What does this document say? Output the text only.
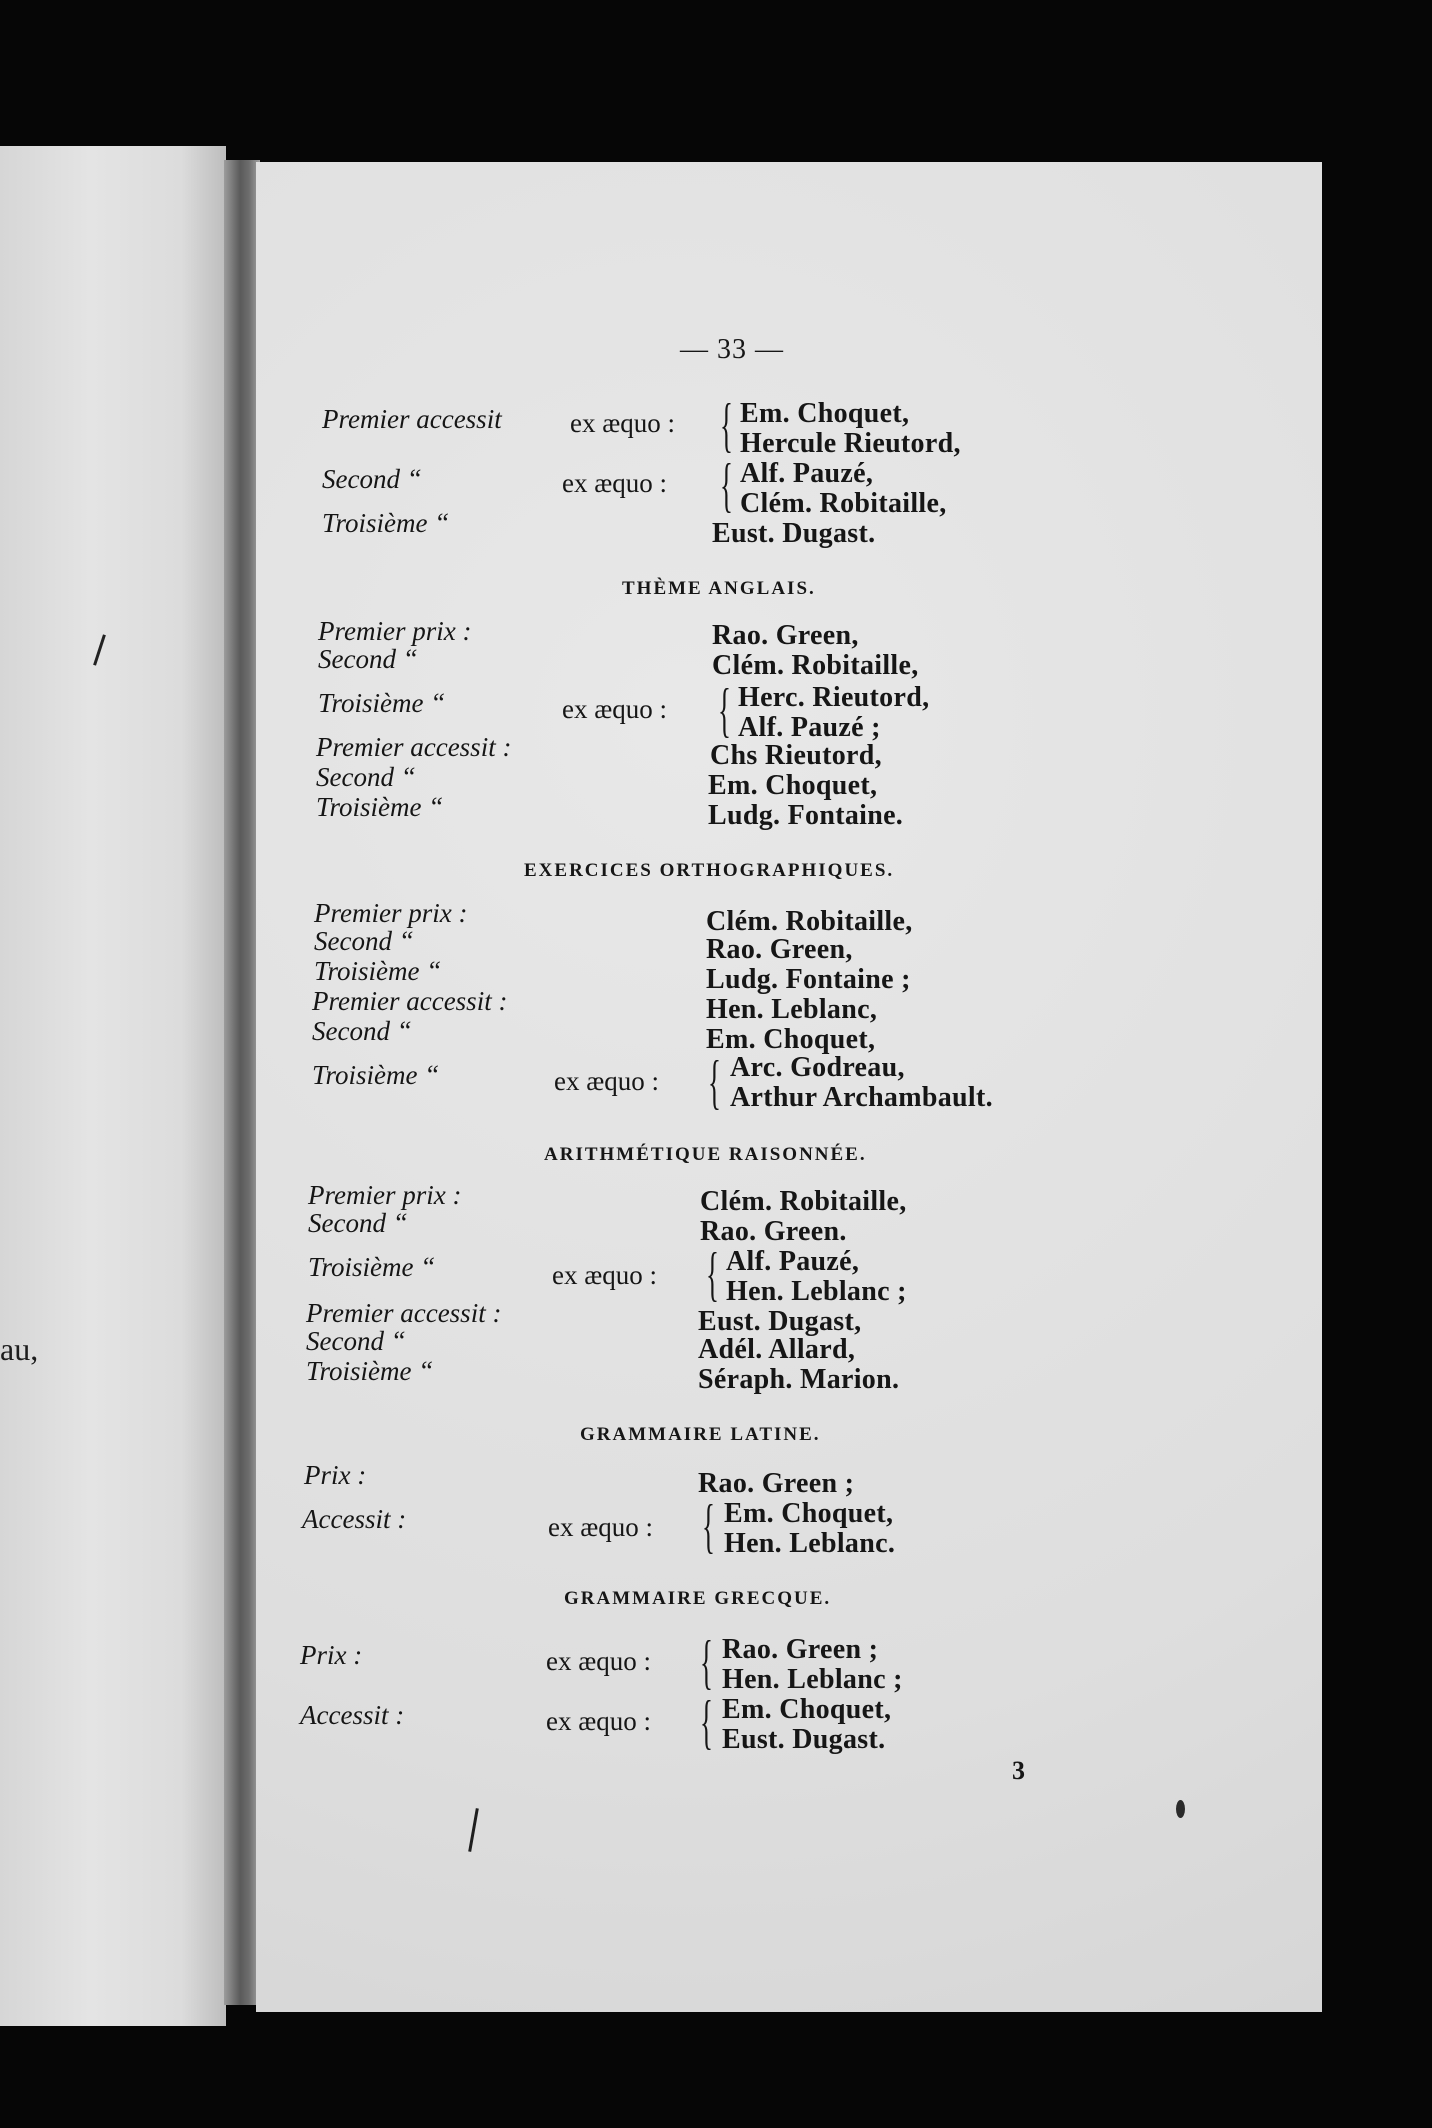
au,
— 33 —
Premier accessit
Second “
Troisième “
ex æquo :
ex æquo :
{
{
Em. Choquet,
Hercule Rieutord,
Alf. Pauzé,
Clém. Robitaille,
Eust. Dugast.
THÈME ANGLAIS.
Premier prix :
Second “
Troisième “
Premier accessit :
Second “
Troisième “
ex æquo : {
Rao. Green,
Clém. Robitaille,
Herc. Rieutord,
Alf. Pauzé ;
Chs Rieutord,
Em. Choquet,
Ludg. Fontaine.
EXERCICES ORTHOGRAPHIQUES.
Premier prix :
Second “
Troisième “
Premier accessit :
Second “
Troisième “	ex æquo : {
Clém. Robitaille,
Rao. Green,
Ludg. Fontaine ;
Hen. Leblanc,
Em. Choquet,
Arc. Godreau,
Arthur Archambault.
ARITHMÉTIQUE RAISONNÉE.
Premier prix :
Second “
Troisième “
Premier accessit :
Second “
Troisième “
ex æquo : {
Clém. Robitaille,
Rao. Green.
Alf. Pauzé,
Hen. Leblanc ;
Eust. Dugast,
Adél. Allard,
Séraph. Marion.
GRAMMAIRE LATINE.
Prix :
Accessit :	ex æquo : {
Rao. Green ;
Em. Choquet,
Hen. Leblanc.
GRAMMAIRE GRECQUE.
Prix :
Accessit :
ex æquo :
ex æquo :
{
{
Rao. Green ;
Hen. Leblanc ;
Em. Choquet,
Eust. Dugast.
3
